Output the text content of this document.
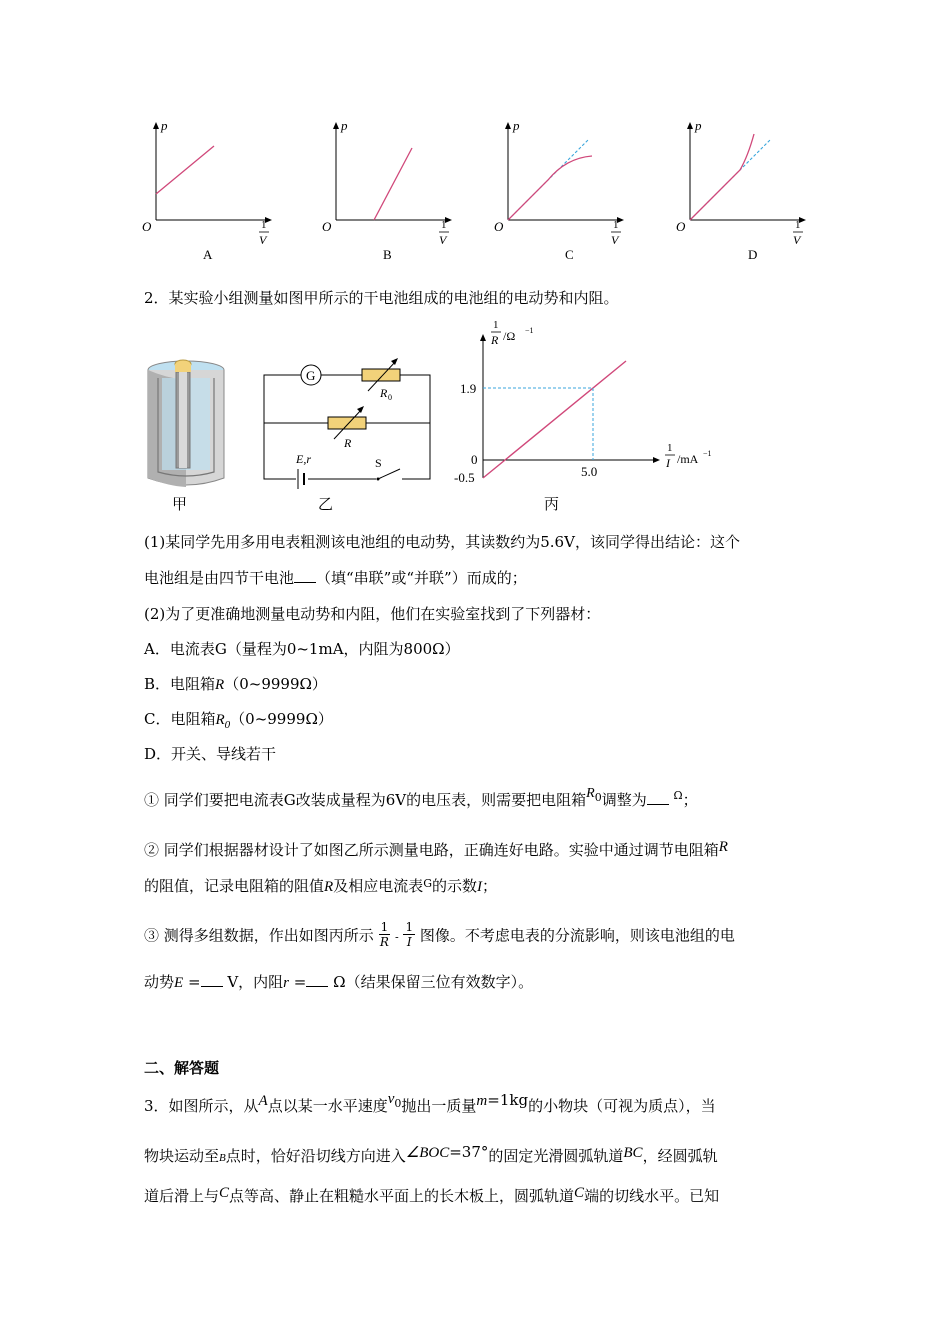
p
O	1
V
A
p
O	1
V
B
p
O	1
V
C
p
O	1
V
D
2．某实验小组测量如图甲所示的干电池组成的电池组的电动势和内阻。
甲
G
R 0
R
E,r	S
乙
1
R /Ω −1
1
I /mA −1
1.9
0
-0.5	5.0
丙
(1)某同学先用多用电表粗测该电池组的电动势，其读数约为5.6V，该同学得出结论：这个
电池组是由四节干电池 （填“串联”或“并联”）而成的；
(2)为了更准确地测量电动势和内阻，他们在实验室找到了下列器材：
A．电流表G（量程为0~1mA，内阻为800Ω）
B．电阻箱R（0~9999Ω）
C．电阻箱$R_0(0\sim 9999\Omega)$
D．开关、导线若干
① 同学们要把电流表G改装成量程为6V的电压表，则需要把电阻箱$R_0$调整为 $^\Omega$；
② 同学们根据器材设计了如图乙所示测量电路，正确连好电路。实验中通过调节电阻箱R
的阻值，记录电阻箱的阻值R及相应电流表$^G$的示数I；
③ 测得多组数据，作出如图丙所示 $\frac{1}{R} - \frac{1}{I}$ 图像。不考虑电表的分流影响，则该电池组的电
动势E = V，内阻r = Ω（结果保留三位有效数字）。
二、解答题
3．如图所示，从A点以某一水平速度$v_0$抛出一质量m=1kg的小物块（可视为质点），当
物块运动至B点时，恰好沿切线方向进入∠BOC=37°的固定光滑圆弧轨道BC，经圆弧轨
道后滑上与C点等高、静止在粗糙水平面上的长木板上，圆弧轨道C端的切线水平。已知
